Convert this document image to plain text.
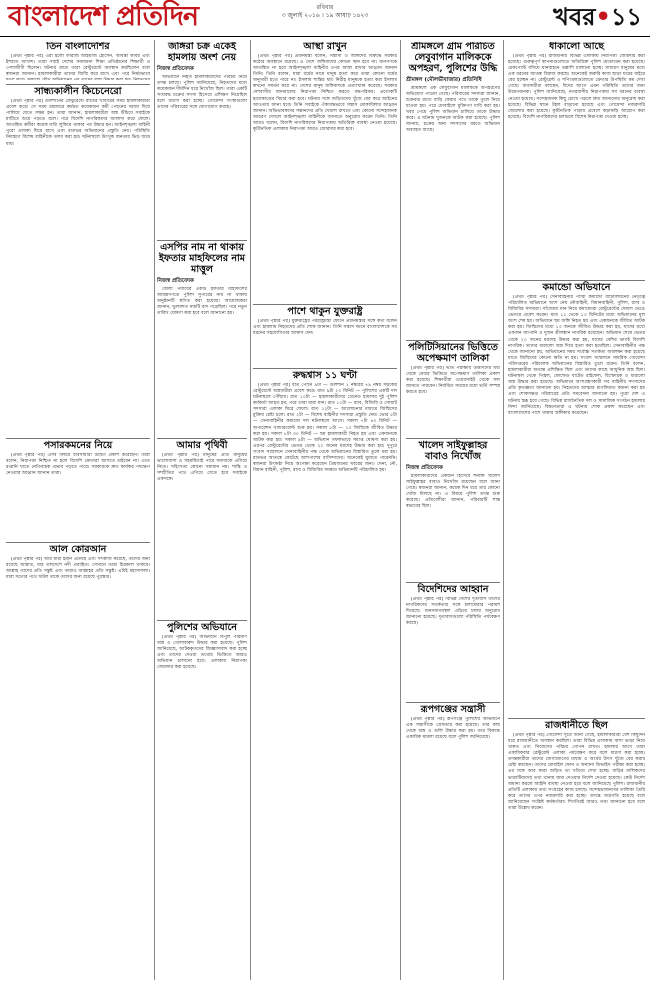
বাংলাদেশ প্রতিদিন	রবিবার
৩ জুলাই ২০১৬ । ১৯ আষাঢ় ১৪২৩	খবর•১১
তিন বাংলাদেশির

[প্রথম পৃষ্ঠার পর] এরা হলো ফারাজ আইয়াজ হোসেন, অবিন্তা কবির এবং ইশরাত আখন্দ। তারা সবাই দেশের সনামধন্য শিক্ষা প্রতিষ্ঠানের শিক্ষার্থী ও পেশাজীবী ছিলেন। ঘটনার রাতে তারা রেস্টুরেন্টে অবস্থান করছিলেন বলে স্বজনরা জানান। হামলাকারীরা তাদের জিম্মি করে রাখে এবং পরে নির্মমভাবে

সান্ধ্যকালীন কিচেনেরো

[প্রথম পৃষ্ঠার পর] গুলশানের রেস্টুরেন্টে রাতের খাবারের সময় হামলাকারীরা প্রবেশ করে। সে সময় রান্নাঘরে কর্মরত কয়েকজন কর্মী পেছনের দরজা দিয়ে পালিয়ে যেতে সক্ষম হন। তারা জানান, হামলাকারীরা অস্ত্র উঁচিয়ে সবাইকে মাটিতে শুয়ে পড়তে বলে। পরে বিদেশি নাগরিকদের আলাদা করে ফেলে। আতঙ্কিত কর্মীরা কয়েক ঘণ্টা লুকিয়ে থাকার পর উদ্ধার হন। আইনশৃঙ্খলা বাহিনী পুরো এলাকা ঘিরে রাখে এবং রাতভর অভিযানের প্রস্তুতি নেয়। পরিস্থিতি নিয়ন্ত্রণে বিশেষ বাহিনীকে তলব করা হয়। ঘটনাস্থলে উৎসুক জনতার ভিড় জমে যায়।

পসারকমনের নিয়ে

[প্রথম পৃষ্ঠার পর] এসব বিষয়ে ব্যবসায়ীরা উদ্বেগ প্রকাশ করেছেন। তারা বলেন, নিরাপত্তা নিশ্চিত না হলে বিদেশি ক্রেতারা আসতে চাইবেন না। এতে রপ্তানি খাতে নেতিবাচক প্রভাব পড়তে পারে। সরকারকে দ্রুত কার্যকর পদক্ষেপ নেওয়ার আহ্বান জানান তারা।

আল কোরআন

[প্রথম পৃষ্ঠার পর] আর যারা ইমান এনেছে এবং সৎকাজ করেছে, তাদের জন্য রয়েছে জান্নাত, যার তলদেশে নদী প্রবাহিত। সেখানে তারা চিরকাল থাকবে। আল্লাহ তাদের প্রতি সন্তুষ্ট এবং তারাও আল্লাহর প্রতি সন্তুষ্ট। এটাই মহাসাফল্য। যারা সত্যের পথে অটল থাকে তাদের জন্য রয়েছে পুরস্কার।

জঙ্গিরা চক্র একেই হামলায় অংশ নেয়
নিজস্ব প্রতিবেদক

অভিযানে নিহত হামলাকারীদের পরিচয় নিয়ে তদন্ত চলছে। পুলিশ জানিয়েছে, নিহতদের মধ্যে কয়েকজন দীর্ঘদিন ধরে নিখোঁজ ছিল। তারা একটি সংঘবদ্ধ চক্রের সদস্য হিসেবে প্রশিক্ষণ নিয়েছিল বলে ধারণা করা হচ্ছে। গোয়েন্দা সংস্থাগুলো তাদের পরিবারের সঙ্গে যোগাযোগ করছে।

এসপির নাম না থাকায় ইফতার মাহফিলের নাম মাত্তুল
নিজস্ব প্রতিবেদক

জেলা পর্যায়ের একটি ইফতার মাহফিলের আমন্ত্রণপত্রে পুলিশ সুপারের নাম না থাকায় অনুষ্ঠানটি স্থগিত করা হয়েছে। আয়োজকরা জানান, ভুলবশত নামটি বাদ পড়েছিল। পরে নতুন তারিখ ঘোষণা করা হবে বলে জানানো হয়।

আমার পৃথিবী

[প্রথম পৃষ্ঠার পর] মানুষের প্রতি মানুষের ভালোবাসা ও সহমর্মিতাই পারে সমাজকে এগিয়ে নিতে। সহিংসতা কোনো সমাধান নয়। শান্তি ও সম্প্রীতির পথে এগিয়ে যেতে হবে সবাইকে একসঙ্গে।

পুলিশের অভিযানে

[প্রথম পৃষ্ঠার পর] অভিযানে বিপুল পরিমাণ অস্ত্র ও গোলাবারুদ উদ্ধার করা হয়েছে। পুলিশ জানিয়েছে, আটককৃতদের জিজ্ঞাসাবাদ করা হচ্ছে এবং তাদের দেওয়া তথ্যের ভিত্তিতে আরও অভিযান চালানো হবে। এলাকায় নিরাপত্তা জোরদার করা হয়েছে।

আস্থা রাখুন

[প্রথম পৃষ্ঠার পর] প্রধানমন্ত্রী বলেন, সন্ত্রাসী ও জঙ্গিদের বিরুদ্ধে সরকার কঠোর অবস্থানে রয়েছে। এ দেশে জঙ্গিবাদের কোনো স্থান হবে না। জনগণকে আতঙ্কিত না হয়ে আইনশৃঙ্খলা বাহিনীর ওপর আস্থা রাখার আহ্বান জানান তিনি। তিনি বলেন, যারা ধর্মের নামে মানুষ হত্যা করে তারা কোনো ধর্মের অনুসারী হতে পারে না। ইসলাম শান্তির ধর্ম। নিরীহ মানুষকে হত্যা করা ইসলাম কখনো সমর্থন করে না। দেশের মানুষ জঙ্গিবাদকে প্রত্যাখ্যান করেছে। সরকার দেশবাসীর জানমালের নিরাপত্তা নিশ্চিত করতে বদ্ধপরিকর। প্রত্যেকটি হত্যাকাণ্ডের বিচার করা হবে। ঘটনার সঙ্গে জড়িতদের খুঁজে বের করে আইনের আওতায় আনা হবে। তিনি সবাইকে ঐক্যবদ্ধভাবে সন্ত্রাস মোকাবিলার আহ্বান জানান। অভিভাবকদের সন্তানদের প্রতি খেয়াল রাখতে এবং কোনো সন্দেহজনক আচরণ দেখলে আইনশৃঙ্খলা বাহিনীকে জানাতে অনুরোধ করেন তিনি। তিনি আরও বলেন, বিদেশি নাগরিকদের নিরাপত্তায় অতিরিক্ত ব্যবস্থা নেওয়া হয়েছে। কূটনৈতিক এলাকায় নিরাপত্তা আরও জোরদার করা হবে।

পাশে থাকুন যুক্তরাষ্ট্র

[প্রথম পৃষ্ঠার পর] যুক্তরাষ্ট্রের পররাষ্ট্রমন্ত্রী ফোনে প্রধানমন্ত্রীর সঙ্গে কথা বলেন এবং হামলায় নিহতদের প্রতি শোক জানান। তিনি সন্ত্রাস দমনে বাংলাদেশকে সব ধরনের সহযোগিতার আশ্বাস দেন।

রুদ্ধশ্বাস ১১ ঘণ্টা

[প্রথম পৃষ্ঠার পর] রাত পৌনে ৯টা — গুলশান ২ নম্বরের ৭৯ নম্বর সড়কের রেস্টুরেন্টে অস্ত্রধারীরা প্রবেশ করে। রাত ৯টা ২০ মিনিট — পুলিশের একটি দল ঘটনাস্থলে পৌঁছায়। রাত ১০টা — হামলাকারীদের গ্রেনেড হামলায় দুই পুলিশ কর্মকর্তা আহত হন, পরে তারা মারা যান। রাত ১১টা — র‍্যাব, বিজিবি ও সোয়াট সদস্যরা এলাকা ঘিরে ফেলে। রাত ১২টা — আলোচনার মাধ্যমে জিম্মিদের মুক্তির চেষ্টা চলে। রাত ২টা — বিশেষ বাহিনীর সদস্যরা প্রস্তুতি নেয়। ভোর ৫টা — সেনাবাহিনীর কমান্ডো দল ঘটনাস্থলে আসে। সকাল ৭টা ৪০ মিনিট — অপারেশন থান্ডারবোল্ট শুরু হয়। সকাল ৮টা — ১৩ জিম্মিকে জীবিত উদ্ধার করা হয়। সকাল ৮টা ৩০ মিনিট — ছয় হামলাকারী নিহত হয় এবং একজনকে আটক করা হয়। সকাল ৯টা — অভিযান সফলভাবে সমাপ্ত ঘোষণা করা হয়। এরপর রেস্টুরেন্টের ভেতর থেকে ২০ জনের মরদেহ উদ্ধার করা হয়। দুপুরে সংবাদ সম্মেলনে সেনাবাহিনীর পক্ষ থেকে অভিযানের বিস্তারিত তুলে ধরা হয়। রাতভর আতঙ্কে কেটেছে আশপাশের বাসিন্দাদের। অনেকেই ঘুমাতে পারেননি। স্বজনরা উৎকণ্ঠা নিয়ে অপেক্ষা করেছেন প্রিয়জনের খবরের জন্য। সেনা, নৌ, বিমান বাহিনী, পুলিশ, র‍্যাব ও বিজিবির সমন্বয়ে অভিযানটি পরিচালিত হয়।

শ্রীমঙ্গলে গ্রাম পরিচিত লেবুবাগান মালিককে অপহরণ, পুলিশের উদ্ধি
শ্রীমঙ্গল (মৌলভীবাজার) প্রতিনিধি

শ্রীমঙ্গলে এক লেবুবাগান মালিককে অপহরণের অভিযোগ পাওয়া গেছে। পরিবারের সদস্যরা জানান, শুক্রবার রাতে বাড়ি ফেরার পথে তাকে তুলে নিয়ে যাওয়া হয়। পরে মোবাইলে মুক্তিপণ দাবি করা হয়। খবর পেয়ে পুলিশ অভিযান চালিয়ে তাকে উদ্ধার করে। এ ঘটনায় দুজনকে আটক করা হয়েছে। পুলিশ জানায়, চক্রের অন্য সদস্যদের ধরতে অভিযান অব্যাহত আছে।

পলিটিসিয়ানের ভিত্তিতে অপেক্ষমাণ তালিকা

[প্রথম পৃষ্ঠার পর] ভর্তি পরীক্ষায় উত্তীর্ণদের মধ্য থেকে মেধার ভিত্তিতে অপেক্ষমাণ তালিকা প্রকাশ করা হয়েছে। শিক্ষার্থীরা ওয়েবসাইট থেকে ফল জানতে পারবেন। নির্ধারিত সময়ের মধ্যে ভর্তি সম্পন্ন করতে হবে।

খালেদ সাইফুল্লাহর বাবাও নিখোঁজ
নিজস্ব প্রতিবেদক

হামলাকারীদের একজন হিসেবে শনাক্ত খালেদ সাইফুল্লাহর বাবাও নিখোঁজ রয়েছেন বলে জানা গেছে। স্বজনরা জানান, কয়েক দিন ধরে তার কোনো খোঁজ মিলছে না। এ বিষয়ে পুলিশ তদন্ত শুরু করেছে। প্রতিবেশীরা জানান, পরিবারটি শান্ত স্বভাবের ছিল।

বিদেশিদের আহ্বান

[প্রথম পৃষ্ঠার পর] বিভিন্ন দেশের দূতাবাস তাদের নাগরিকদের সতর্কতার সঙ্গে চলাফেরার পরামর্শ দিয়েছে। জনসমাগমস্থল এড়িয়ে চলার অনুরোধ জানানো হয়েছে। দূতাবাসগুলো পরিস্থিতি পর্যবেক্ষণ করছে।

রূপগঞ্জের সন্ত্রাসী

[প্রথম পৃষ্ঠার পর] রূপগঞ্জে পুলিশের অভিযানে এক সন্ত্রাসীকে গ্রেফতার করা হয়েছে। তার কাছ থেকে অস্ত্র ও গুলি উদ্ধার করা হয়। তার বিরুদ্ধে একাধিক মামলা রয়েছে বলে পুলিশ জানিয়েছে।

ধাকালো আছে

[প্রথম পৃষ্ঠার পর] রাজধানীর বিভিন্ন এলাকায় নিরাপত্তা জোরদার করা হয়েছে। গুরুত্বপূর্ণ স্থাপনাগুলোতে অতিরিক্ত পুলিশ মোতায়েন করা হয়েছে। চেকপোস্ট বসিয়ে যানবাহনে তল্লাশি চালানো হচ্ছে। সাধারণ মানুষের মধ্যে এক ধরনের আতঙ্ক বিরাজ করছে। অনেকেই জরুরি কাজ ছাড়া ঘরের বাইরে বের হচ্ছেন না। রেস্টুরেন্ট ও শপিংমলগুলোতে ক্রেতার উপস্থিতি কম দেখা গেছে। ব্যবসায়ীরা বলছেন, ঈদের আগে এমন পরিস্থিতি তাদের জন্য উদ্বেগজনক। পুলিশ জানিয়েছে, নগরবাসীর নিরাপত্তায় সব ধরনের ব্যবস্থা নেওয়া হয়েছে। সন্দেহজনক কিছু চোখে পড়লে দ্রুত জানানোর অনুরোধ করা হয়েছে। বিভিন্ন স্থানে টহল বাড়ানো হয়েছে এবং গোয়েন্দা নজরদারি জোরদার করা হয়েছে। কূটনৈতিক পাড়ায় প্রবেশে কড়াকড়ি আরোপ করা হয়েছে। বিদেশি নাগরিকদের চলাচলে বিশেষ নিরাপত্তা দেওয়া হচ্ছে।

কমান্ডো অভিযানে

[প্রথম পৃষ্ঠার পর] সেনাবাহিনীর প্যারা কমান্ডো ব্যাটালিয়নের নেতৃত্বে পরিচালিত অভিযানে অংশ নেয় নৌবাহিনী, বিমানবাহিনী, পুলিশ, র‍্যাব ও বিজিবির সদস্যরা। সাঁজোয়া যান নিয়ে কমান্ডোরা রেস্টুরেন্টের দেয়াল ভেঙে ভেতরে প্রবেশ করেন। মাত্র ১২ থেকে ১৩ মিনিটের মধ্যে অভিযানের মূল অংশ শেষ হয়। অভিযানে ছয় জঙ্গি নিহত হয় এবং একজনকে জীবিত আটক করা হয়। জিম্মিদের মধ্যে ১৩ জনকে জীবিত উদ্ধার করা হয়, যাদের মধ্যে একজন জাপানি ও দুজন শ্রীলঙ্কান নাগরিক রয়েছেন। অভিযান শেষে ভেতর থেকে ২০ জনের মরদেহ উদ্ধার করা হয়, যাদের বেশির ভাগই বিদেশি নাগরিক। তাদের ধারালো অস্ত্র দিয়ে হত্যা করা হয়েছিল। সেনাবাহিনীর পক্ষ থেকে জানানো হয়, অভিযানের সময় সর্বোচ্চ সতর্কতা অবলম্বন করা হয়েছে যাতে জিম্মিদের কোনো ক্ষতি না হয়। সংবাদ সম্মেলনে সামরিক গোয়েন্দা পরিদপ্তরের পরিচালক অভিযানের বিস্তারিত তুলে ধরেন। তিনি বলেন, হামলাকারীরা অত্যন্ত প্রশিক্ষিত ছিল এবং তাদের কাছে আধুনিক অস্ত্র ছিল। ঘটনাস্থল থেকে পিস্তল, ফোল্ডেড বাটেড রাইফেল, বিস্ফোরক ও ধারালো অস্ত্র উদ্ধার করা হয়েছে। অভিযানে অংশগ্রহণকারী সব বাহিনীর সদস্যদের প্রতি কৃতজ্ঞতা জানানো হয়। নিহতদের আত্মার মাগফিরাত কামনা করা হয় এবং শোকসন্তপ্ত পরিবারের প্রতি সমবেদনা জানানো হয়। পুরো দেশ এ ঘটনায় স্তব্ধ হয়ে গেছে। বিভিন্ন রাজনৈতিক দল ও সামাজিক সংগঠন হামলার নিন্দা জানিয়েছে। বিশ্বনেতারা এ ঘটনায় শোক প্রকাশ করেছেন এবং বাংলাদেশের পাশে থাকার অঙ্গীকার করেছেন।

রাজধানীতে ছিল

[প্রথম পৃষ্ঠার পর] গোয়েন্দা সূত্রে জানা গেছে, হামলাকারীরা বেশ কিছুদিন ধরে রাজধানীতে অবস্থান করছিল। তারা বিভিন্ন এলাকায় বাসা ভাড়া নিয়ে থাকত এবং নিজেদের পরিচয় গোপন রাখত। হামলার আগে তারা একাধিকবার রেস্টুরেন্ট এলাকা পর্যবেক্ষণ করে বলে ধারণা করা হচ্ছে। তদন্তকারীরা তাদের যোগাযোগের মাধ্যম ও অর্থের উৎস খুঁজে বের করার চেষ্টা করছেন। তাদের মোবাইল ফোন ও অন্যান্য ডিভাইস পরীক্ষা করা হচ্ছে। এর সঙ্গে আর কারা জড়িত তা খতিয়ে দেখা হচ্ছে। বাড়ির মালিকদের ভাড়াটিয়াদের তথ্য থানায় জমা দেওয়ার নির্দেশ দেওয়া হয়েছে। কেউ নির্দেশ অমান্য করলে আইনি ব্যবস্থা নেওয়া হবে বলে জানিয়েছে পুলিশ। রাজধানীর প্রতিটি এলাকায় তথ্য সংগ্রহের কাজ চলছে। সন্দেহভাজনদের তালিকা তৈরি করে তাদের ওপর নজরদারি করা হচ্ছে। তদন্তে অগ্রগতি হয়েছে বলে জানিয়েছেন সংশ্লিষ্ট কর্মকর্তারা। শিগগিরই আরও তথ্য জানানো হবে বলে তারা উল্লেখ করেন।
